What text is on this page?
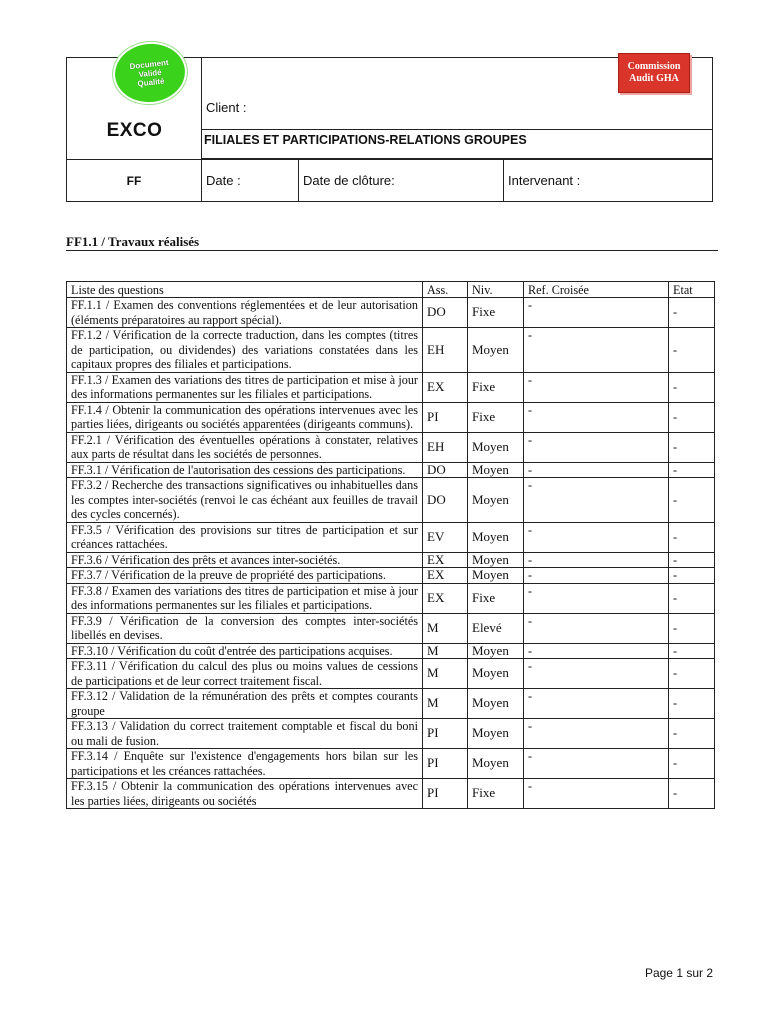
Document
Validé
Qualité
EXCO
Commission
Audit GHA
Client :
FILIALES ET PARTICIPATIONS-RELATIONS GROUPES
FF	Date :	Date de clôture:	Intervenant :
FF1.1 / Travaux réalisés
Liste des questions	Ass.	Niv.	Ref. Croisée	Etat
FF.1.1 / Examen des conventions réglementées et de leur autorisation (éléments préparatoires au rapport spécial).	DO	Fixe	-	-
FF.1.2 / Vérification de la correcte traduction, dans les comptes (titres de participation, ou dividendes) des variations constatées dans les capitaux propres des filiales et participations.	EH	Moyen	-	-
FF.1.3 / Examen des variations des titres de participation et mise à jour des informations permanentes sur les filiales et participations.	EX	Fixe	-	-
FF.1.4 / Obtenir la communication des opérations intervenues avec les parties liées, dirigeants ou sociétés apparentées (dirigeants communs).	PI	Fixe	-	-
FF.2.1 / Vérification des éventuelles opérations à constater, relatives aux parts de résultat dans les sociétés de personnes.	EH	Moyen	-	-
FF.3.1 / Vérification de l'autorisation des cessions des participations.	DO	Moyen	-	-
FF.3.2 / Recherche des transactions significatives ou inhabituelles dans les comptes inter-sociétés (renvoi le cas échéant aux feuilles de travail des cycles concernés).	DO	Moyen	-	-
FF.3.5 / Vérification des provisions sur titres de participation et sur créances rattachées.	EV	Moyen	-	-
FF.3.6 / Vérification des prêts et avances inter-sociétés.	EX	Moyen	-	-
FF.3.7 / Vérification de la preuve de propriété des participations.	EX	Moyen	-	-
FF.3.8 / Examen des variations des titres de participation et mise à jour des informations permanentes sur les filiales et participations.	EX	Fixe	-	-
FF.3.9 / Vérification de la conversion des comptes inter-sociétés libellés en devises.	M	Elevé	-	-
FF.3.10 / Vérification du coût d'entrée des participations acquises.	M	Moyen	-	-
FF.3.11 / Vérification du calcul des plus ou moins values de cessions de participations et de leur correct traitement fiscal.	M	Moyen	-	-
FF.3.12 / Validation de la rémunération des prêts et comptes courants groupe	M	Moyen	-	-
FF.3.13 / Validation du correct traitement comptable et fiscal du boni ou mali de fusion.	PI	Moyen	-	-
FF.3.14 / Enquête sur l'existence d'engagements hors bilan sur les participations et les créances rattachées.	PI	Moyen	-	-
FF.3.15 / Obtenir la communication des opérations intervenues avec les parties liées, dirigeants ou sociétés	PI	Fixe	-	-
Page 1 sur 2
